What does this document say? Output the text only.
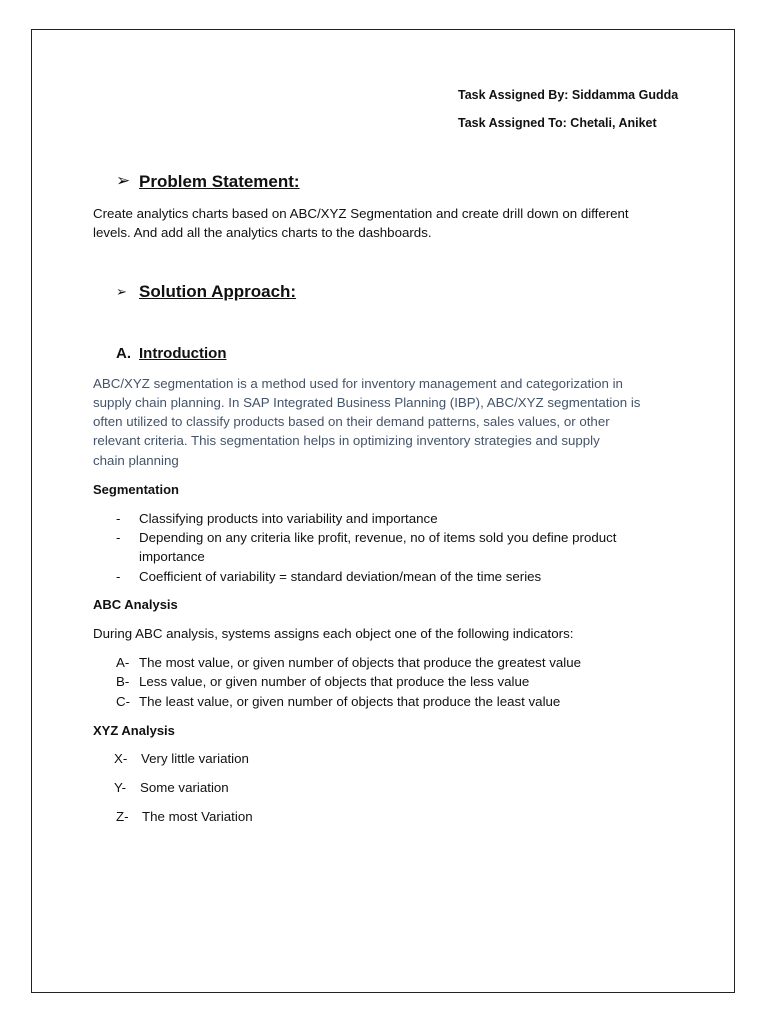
Task Assigned By: Siddamma Gudda
Task Assigned To: Chetali, Aniket
➢ Problem Statement:
Create analytics charts based on ABC/XYZ Segmentation and create drill down on different
levels. And add all the analytics charts to the dashboards.
➢ Solution Approach:
A. Introduction
ABC/XYZ segmentation is a method used for inventory management and categorization in
supply chain planning. In SAP Integrated Business Planning (IBP), ABC/XYZ segmentation is
often utilized to classify products based on their demand patterns, sales values, or other
relevant criteria. This segmentation helps in optimizing inventory strategies and supply
chain planning
Segmentation
- Classifying products into variability and importance
- Depending on any criteria like profit, revenue, no of items sold you define product
importance
- Coefficient of variability = standard deviation/mean of the time series
ABC Analysis
During ABC analysis, systems assigns each object one of the following indicators:
A- The most value, or given number of objects that produce the greatest value
B- Less value, or given number of objects that produce the less value
C- The least value, or given number of objects that produce the least value
XYZ Analysis
X- Very little variation
Y- Some variation
Z- The most Variation
